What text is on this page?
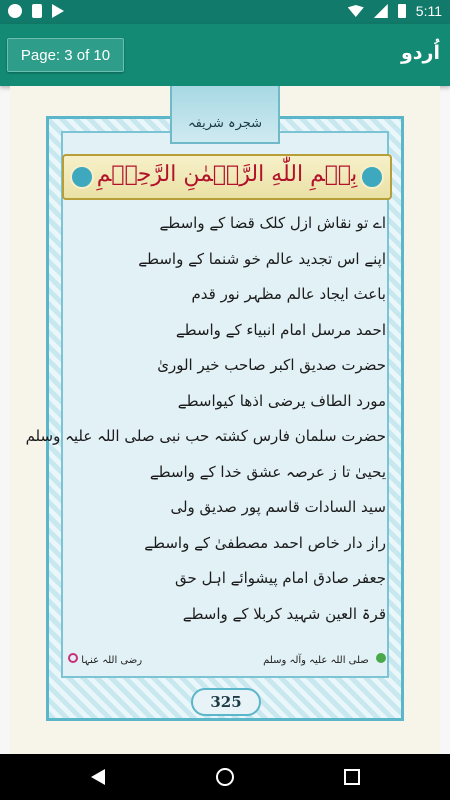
5:11
Page: 3 of 10	اُردو
شجرہ شریفہ
بِسۡمِ اللّٰهِ الرَّحۡمٰنِ الرَّحِیۡمِ
اے تو نقاش ازل کلک قضا کے واسطے
اپنے اس تجدید عالم خو شنما کے واسطے
باعث ایجاد عالم مظہر نور قدم
احمد مرسل امام انبیاء کے واسطے
حضرت صدیق اکبر صاحب خیر الوریٰ
مورد الطاف یرضی اذھا کیواسطے
حضرت سلمان فارس کشتہ حب نبی صلی اللہ علیہ وسلم
یحییٰ تا ز عرصہ عشق خدا کے واسطے
سید السادات قاسم پور صدیق ولی
راز دار خاص احمد مصطفیٰ کے واسطے
جعفر صادق امام پیشوائے اہل حق
قرۃ العین شہید کربلا کے واسطے
رضی اللہ عنہا	صلی اللہ علیہ وآلہ وسلم
325
